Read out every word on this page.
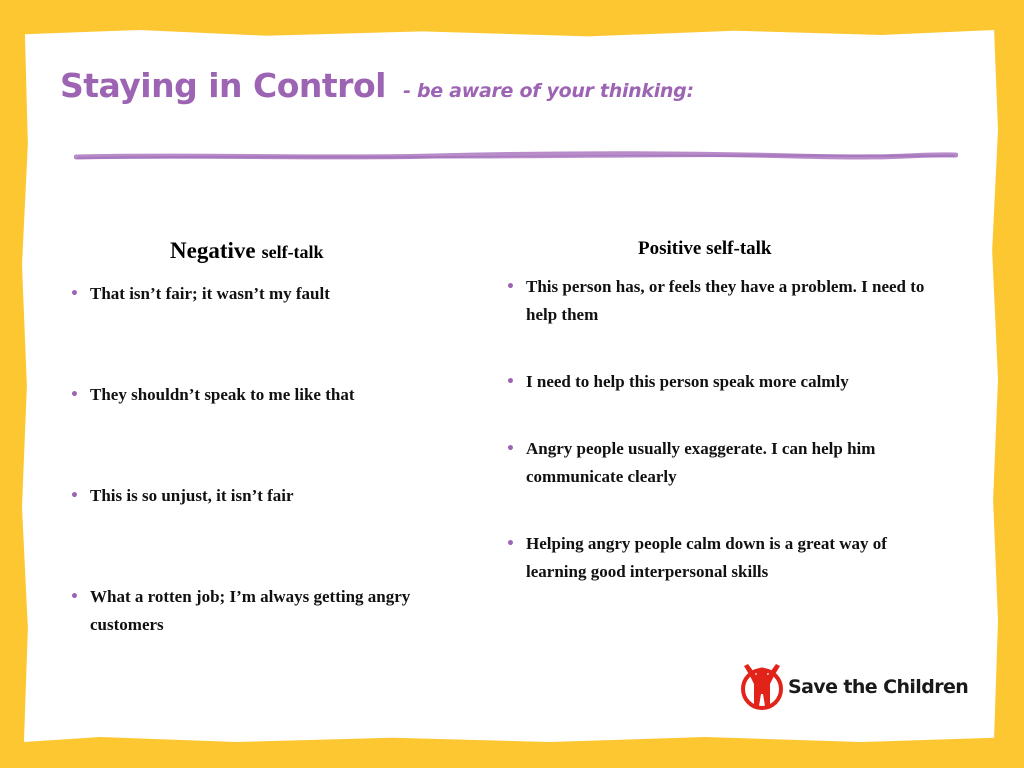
Staying in Control - be aware of your thinking:
Negative self-talk	Positive self-talk
• That isn’t fair; it wasn’t my fault
• They shouldn’t speak to me like that
• This is so unjust, it isn’t fair
• What a rotten job; I’m always getting angry customers
• This person has, or feels they have a problem. I need to help them
• I need to help this person speak more calmly
• Angry people usually exaggerate. I can help him communicate clearly
• Helping angry people calm down is a great way of learning good interpersonal skills
Save the Children
